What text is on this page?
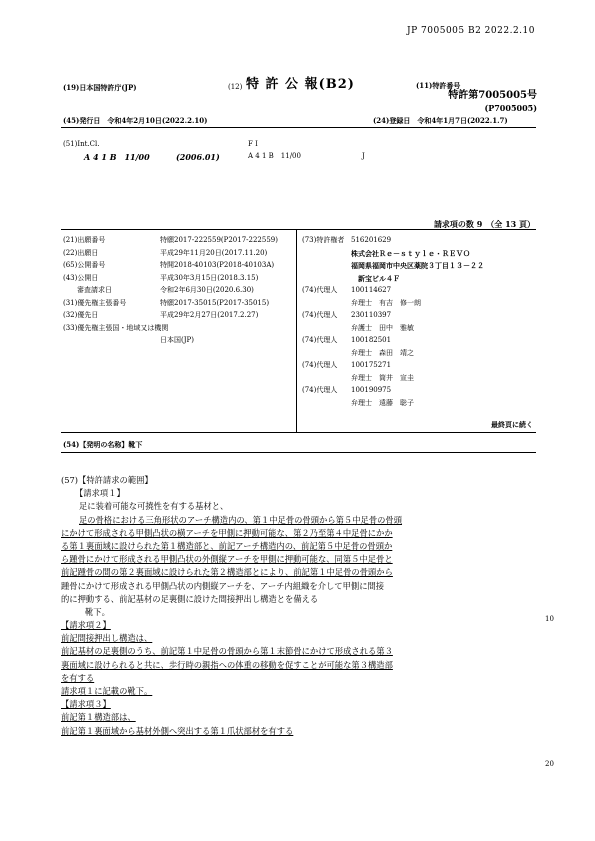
JP 7005005 B2 2022.2.10
(19)日本国特許庁(JP)	(12) 特 許 公 報(B2)	(11)特許番号
特許第7005005号
(P7005005)
(45)発行日　令和4年2月10日(2022.2.10)	(24)登録日　令和4年1月7日(2022.1.7)
(51)Int.Cl.	F I
A 4 1 B　11/00	(2006.01)	A 4 1 B　11/00	J
請求項の数 9　（全 13 頁）
(21)出願番号	特願2017-222559(P2017-222559)
(22)出願日	平成29年11月20日(2017.11.20)
(65)公開番号	特開2018-40103(P2018-40103A)
(43)公開日	平成30年3月15日(2018.3.15)
　　審査請求日	令和2年6月30日(2020.6.30)
(31)優先権主張番号	特願2017-35015(P2017-35015)
(32)優先日	平成29年2月27日(2017.2.27)
(33)優先権主張国・地域又は機関
日本国(JP)
(73)特許権者 516201629
株式会社Ｒｅ－ｓｔｙｌｅ・ＲＥＶＯ
福岡県福岡市中央区薬院３丁目１３－２２
　新宝ビル４Ｆ
(74)代理人 100114627
弁理士　有吉　修一朗
(74)代理人 230110397
弁護士　田中　雅敏
(74)代理人 100182501
弁理士　森田　靖之
(74)代理人 100175271
弁理士　筒井　宣圭
(74)代理人 100190975
弁理士　遠藤　聡子
最終頁に続く
(54)【発明の名称】靴下
(57)【特許請求の範囲】
【請求項１】
足に装着可能な可撓性を有する基材と、
足の骨格における三角形状のアーチ構造内の、第１中足骨の骨頭から第５中足骨の骨頭
にかけて形成される甲側凸状の横アーチを甲側に押動可能な、第２乃至第４中足骨にかか
る第１裏面域に設けられた第１構造部と、前記アーチ構造内の、前記第５中足骨の骨頭か
ら踵骨にかけて形成される甲側凸状の外側縦アーチを甲側に押動可能な、同第５中足骨と
前記踵骨の間の第２裏面域に設けられた第２構造部とにより、前記第１中足骨の骨頭から
踵骨にかけて形成される甲側凸状の内側縦アーチを、アーチ内組織を介して甲側に間接
的に押動する、前記基材の足裏側に設けた間接押出し構造とを備える
靴下。
【請求項２】
前記間接押出し構造は、
前記基材の足裏側のうち、前記第１中足骨の骨頭から第１末節骨にかけて形成される第３
裏面域に設けられると共に、歩行時の親指への体重の移動を促すことが可能な第３構造部
を有する
請求項１に記載の靴下。
【請求項３】
前記第１構造部は、
前記第１裏面域から基材外側へ突出する第１爪状部材を有する
10
20
